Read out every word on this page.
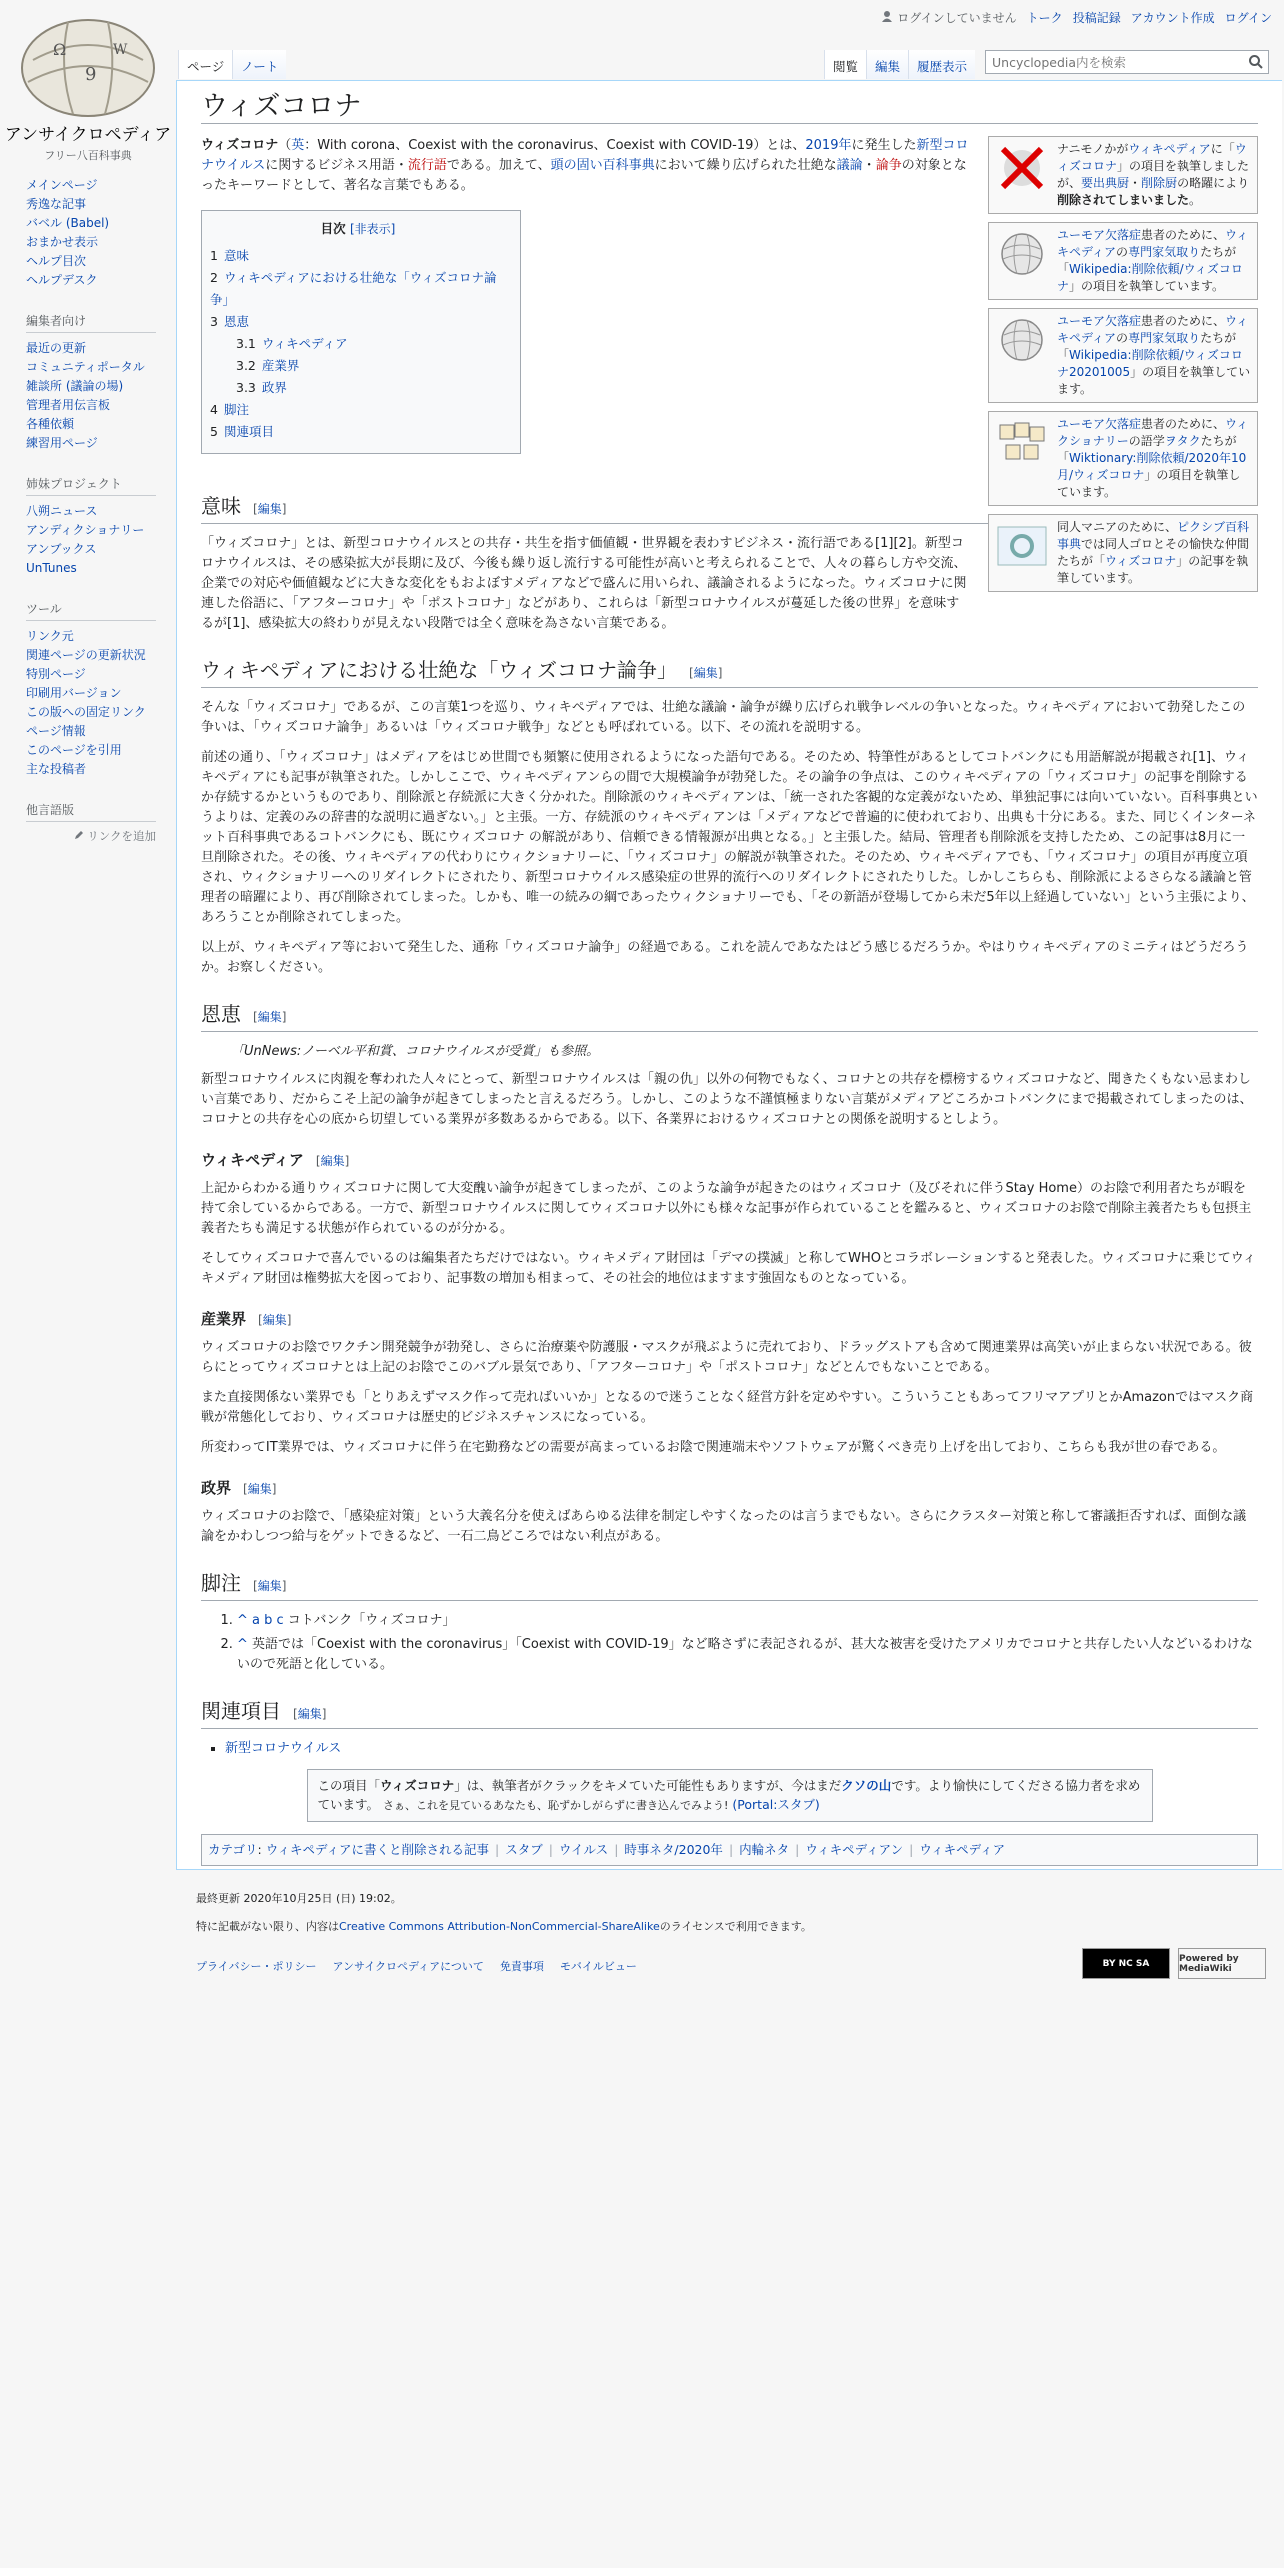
Ω
9
W
アンサイクロペディア
フリー八百科事典
ログインしていません トーク 投稿記録 アカウント作成 ログイン
ページ	ノート	閲覧	編集	履歴表示
Uncyclopedia内を検索
メインページ
秀逸な記事
バベル (Babel)
おまかせ表示
ヘルプ目次
ヘルプデスク
編集者向け
最近の更新
コミュニティポータル
雑談所 (議論の場)
管理者用伝言板
各種依頼
練習用ページ
姉妹プロジェクト
八朔ニュース
アンディクショナリー
アンブックス
UnTunes
ツール
リンク元
関連ページの更新状況
特別ページ
印刷用バージョン
この版への固定リンク
ページ情報
このページを引用
主な投稿者
他言語版
リンクを追加
ウィズコロナ
ナニモノかがウィキペディアに「ウィズコロナ」の項目を執筆しましたが、要出典厨・削除厨の略躍により削除されてしまいました。
ユーモア欠落症患者のために、ウィキペディアの専門家気取りたちが「Wikipedia:削除依頼/ウィズコロナ」の項目を執筆しています。
ユーモア欠落症患者のために、ウィキペディアの専門家気取りたちが「Wikipedia:削除依頼/ウィズコロナ20201005」の項目を執筆しています。
ユーモア欠落症患者のために、ウィクショナリーの語学ヲタクたちが「Wiktionary:削除依頼/2020年10月/ウィズコロナ」の項目を執筆しています。
同人マニアのために、ピクシブ百科事典では同人ゴロとその愉快な仲間たちが「ウィズコロナ」の記事を執筆しています。

ウィズコロナ（英：With corona、Coexist with the coronavirus、Coexist with COVID-19）とは、2019年に発生した新型コロナウイルスに関するビジネス用語・流行語である。加えて、頭の固い百科事典において繰り広げられた壮絶な議論・論争の対象となったキーワードとして、著名な言葉でもある。

目次 [非表示]
1 意味
2 ウィキペディアにおける壮絶な「ウィズコロナ論争」
3 恩恵
3.1 ウィキペディア
3.2 産業界
3.3 政界
4 脚注
5 関連項目
意味 [編集]

「ウィズコロナ」とは、新型コロナウイルスとの共存・共生を指す価値観・世界観を表わすビジネス・流行語である[1][2]。新型コロナウイルスは、その感染拡大が長期に及び、今後も繰り返し流行する可能性が高いと考えられることで、人々の暮らし方や交流、企業での対応や価値観などに大きな変化をもおよぼすメディアなどで盛んに用いられ、議論されるようになった。ウィズコロナに関連した俗語に、「アフターコロナ」や「ポストコロナ」などがあり、これらは「新型コロナウイルスが蔓延した後の世界」を意味するが[1]、感染拡大の終わりが見えない段階では全く意味を為さない言葉である。

ウィキペディアにおける壮絶な「ウィズコロナ論争」 [編集]

そんな「ウィズコロナ」であるが、この言葉1つを巡り、ウィキペディアでは、壮絶な議論・論争が繰り広げられ戦争レベルの争いとなった。ウィキペディアにおいて勃発したこの争いは、「ウィズコロナ論争」あるいは「ウィズコロナ戦争」などとも呼ばれている。以下、その流れを説明する。

前述の通り、「ウィズコロナ」はメディアをはじめ世間でも頻繁に使用されるようになった語句である。そのため、特筆性があるとしてコトバンクにも用語解説が掲載され[1]、ウィキペディアにも記事が執筆された。しかしここで、ウィキペディアンらの間で大規模論争が勃発した。その論争の争点は、このウィキペディアの「ウィズコロナ」の記事を削除するか存続するかというものであり、削除派と存続派に大きく分かれた。削除派のウィキペディアンは、「統一された客観的な定義がないため、単独記事には向いていない。百科事典というよりは、定義のみの辞書的な説明に過ぎない。」と主張。一方、存続派のウィキペディアンは「メディアなどで普遍的に使われており、出典も十分にある。また、同じくインターネット百科事典であるコトバンクにも、既にウィズコロナ の解説があり、信頼できる情報源が出典となる。」と主張した。結局、管理者も削除派を支持したため、この記事は8月に一旦削除された。その後、ウィキペディアの代わりにウィクショナリーに、「ウィズコロナ」の解説が執筆された。そのため、ウィキペディアでも、「ウィズコロナ」の項目が再度立項され、ウィクショナリーへのリダイレクトにされたり、新型コロナウイルス感染症の世界的流行へのリダイレクトにされたりした。しかしこちらも、削除派によるさらなる議論と管理者の暗躍により、再び削除されてしまった。しかも、唯一の続みの綱であったウィクショナリーでも、「その新語が登場してから未だ5年以上経過していない」という主張により、あろうことか削除されてしまった。

以上が、ウィキペディア等において発生した、通称「ウィズコロナ論争」の経過である。これを読んであなたはどう感じるだろうか。やはりウィキペディアのミニティはどうだろうか。お察しください。

恩恵 [編集]
「UnNews:ノーベル平和賞、コロナウイルスが受賞」も参照。

新型コロナウイルスに肉親を奪われた人々にとって、新型コロナウイルスは「親の仇」以外の何物でもなく、コロナとの共存を標榜するウィズコロナなど、聞きたくもない忌まわしい言葉であり、だからこそ上記の論争が起きてしまったと言えるだろう。しかし、このような不謹慎極まりない言葉がメディアどころかコトバンクにまで掲載されてしまったのは、コロナとの共存を心の底から切望している業界が多数あるからである。以下、各業界におけるウィズコロナとの関係を説明するとしよう。

ウィキペディア [編集]

上記からわかる通りウィズコロナに関して大変醜い論争が起きてしまったが、このような論争が起きたのはウィズコロナ（及びそれに伴うStay Home）のお陰で利用者たちが暇を持て余しているからである。一方で、新型コロナウイルスに関してウィズコロナ以外にも様々な記事が作られていることを鑑みると、ウィズコロナのお陰で削除主義者たちも包摂主義者たちも満足する状態が作られているのが分かる。

そしてウィズコロナで喜んでいるのは編集者たちだけではない。ウィキメディア財団は「デマの撲滅」と称してWHOとコラボレーションすると発表した。ウィズコロナに乗じてウィキメディア財団は権勢拡大を図っており、記事数の増加も相まって、その社会的地位はますます強固なものとなっている。

産業界 [編集]

ウィズコロナのお陰でワクチン開発競争が勃発し、さらに治療薬や防護服・マスクが飛ぶように売れており、ドラッグストアも含めて関連業界は高笑いが止まらない状況である。彼らにとってウィズコロナとは上記のお陰でこのバブル景気であり、「アフターコロナ」や「ポストコロナ」などとんでもないことである。

また直接関係ない業界でも「とりあえずマスク作って売ればいいか」となるので迷うことなく経営方針を定めやすい。こういうこともあってフリマアプリとかAmazonではマスク商戦が常態化しており、ウィズコロナは歴史的ビジネスチャンスになっている。

所変わってIT業界では、ウィズコロナに伴う在宅勤務などの需要が高まっているお陰で関連端末やソフトウェアが驚くべき売り上げを出しており、こちらも我が世の春である。

政界 [編集]

ウィズコロナのお陰で、「感染症対策」という大義名分を使えばあらゆる法律を制定しやすくなったのは言うまでもない。さらにクラスター対策と称して審議拒否すれば、面倒な議論をかわしつつ給与をゲットできるなど、一石二鳥どころではない利点がある。

脚注 [編集]
1. ^ a b c コトバンク「ウィズコロナ」
2. ^ 英語では「Coexist with the coronavirus」「Coexist with COVID-19」など略さずに表記されるが、甚大な被害を受けたアメリカでコロナと共存したい人などいるわけないので死語と化している。
関連項目 [編集]
▪ 新型コロナウイルス
この項目「ウィズコロナ」は、執筆者がクラックをキメていた可能性もありますが、今はまだクソの山です。より愉快にしてくださる協力者を求めています。 さぁ、これを見ているあなたも、恥ずかしがらずに書き込んでみよう! (Portal:スタブ)
カテゴリ: ウィキペディアに書くと削除される記事 | スタブ | ウイルス | 時事ネタ/2020年 | 内輪ネタ | ウィキペディアン | ウィキペディア

最終更新 2020年10月25日 (日) 19:02。

特に記載がない限り、内容はCreative Commons Attribution-NonCommercial-ShareAlikeのライセンスで利用できます。

プライバシー・ポリシー アンサイクロペディアについて 免責事項 モバイルビュー	BY NC SA	Powered by MediaWiki
